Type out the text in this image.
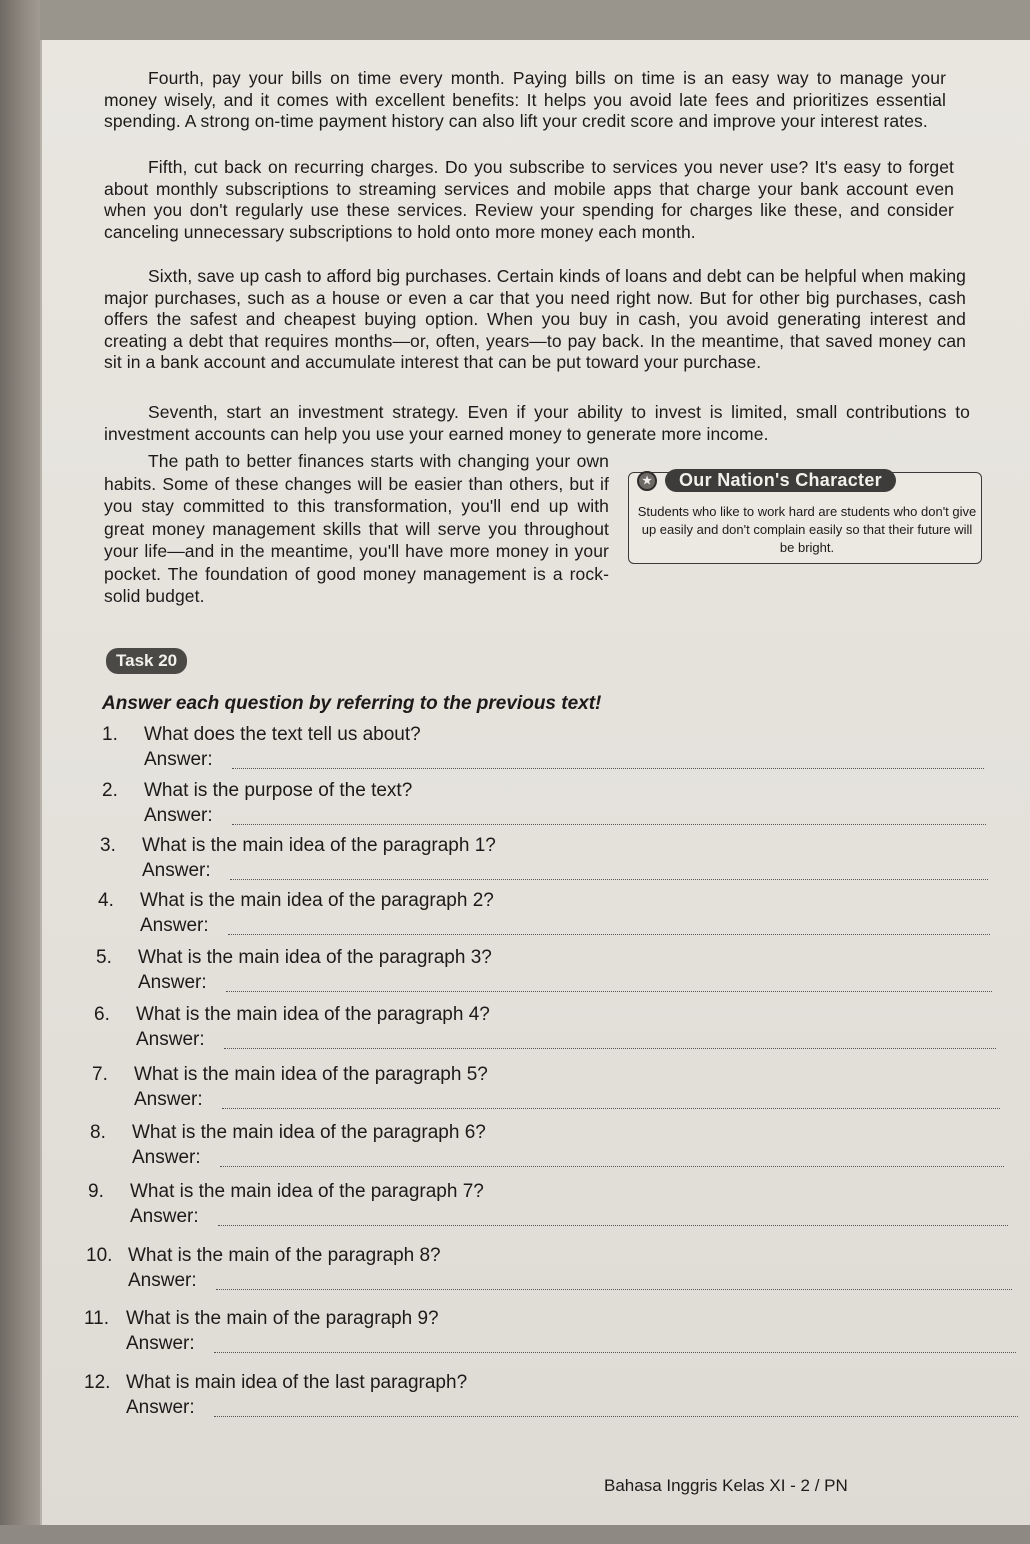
Fourth, pay your bills on time every month. Paying bills on time is an easy way to manage your money wisely, and it comes with excellent benefits: It helps you avoid late fees and prioritizes essential spending. A strong on-time payment history can also lift your credit score and improve your interest rates.

Fifth, cut back on recurring charges. Do you subscribe to services you never use? It's easy to forget about monthly subscriptions to streaming services and mobile apps that charge your bank account even when you don't regularly use these services. Review your spending for charges like these, and consider canceling unnecessary subscriptions to hold onto more money each month.

Sixth, save up cash to afford big purchases. Certain kinds of loans and debt can be helpful when making major purchases, such as a house or even a car that you need right now. But for other big purchases, cash offers the safest and cheapest buying option. When you buy in cash, you avoid generating interest and creating a debt that requires months—or, often, years—to pay back. In the meantime, that saved money can sit in a bank account and accumulate interest that can be put toward your purchase.

Seventh, start an investment strategy. Even if your ability to invest is limited, small contributions to investment accounts can help you use your earned money to generate more income.

The path to better finances starts with changing your own habits. Some of these changes will be easier than others, but if you stay committed to this transformation, you'll end up with great money management skills that will serve you throughout your life—and in the meantime, you'll have more money in your pocket. The foundation of good money management is a rock-solid budget.

★	Our Nation's Character
Students who like to work hard are students who don't give up easily and don't complain easily so that their future will be bright.
Task 20
Answer each question by referring to the previous text!
1. What does the text tell us about?
Answer:
2. What is the purpose of the text?
Answer:
3. What is the main idea of the paragraph 1?
Answer:
4. What is the main idea of the paragraph 2?
Answer:
5. What is the main idea of the paragraph 3?
Answer:
6. What is the main idea of the paragraph 4?
Answer:
7. What is the main idea of the paragraph 5?
Answer:
8. What is the main idea of the paragraph 6?
Answer:
9. What is the main idea of the paragraph 7?
Answer:
10. What is the main of the paragraph 8?
Answer:
11. What is the main of the paragraph 9?
Answer:
12. What is main idea of the last paragraph?
Answer:
Bahasa Inggris Kelas XI - 2 / PN
